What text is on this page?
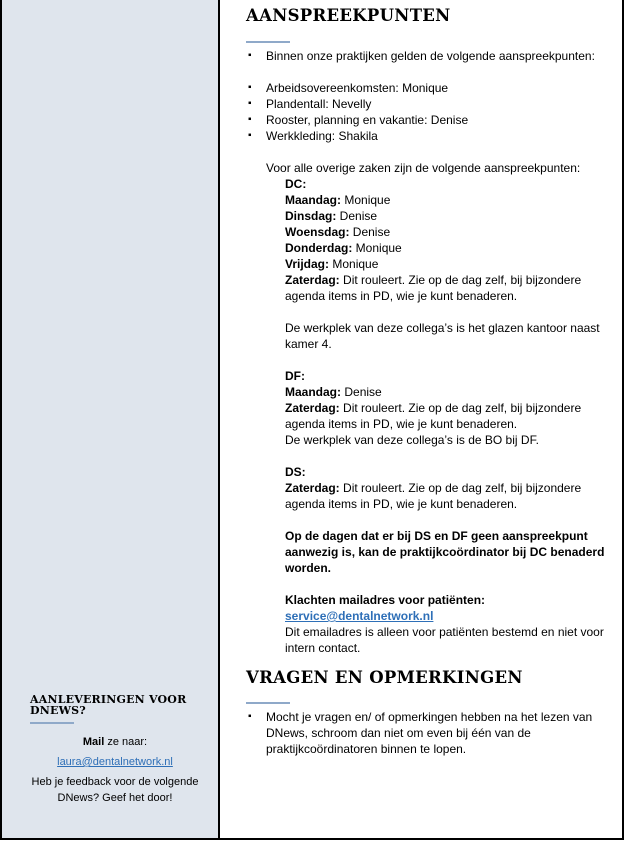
AANLEVERINGEN VOOR DNEWS?

Mail ze naar:

laura@dentalnetwork.nl

Heb je feedback voor de volgende DNews? Geef het door!

AANSPREEKPUNTEN
▪ Binnen onze praktijken gelden de volgende aanspreekpunten:
▪ Arbeidsovereenkomsten: Monique
▪ Plandentall: Nevelly
▪ Rooster, planning en vakantie: Denise
▪ Werkkleding: Shakila
Voor alle overige zaken zijn de volgende aanspreekpunten:
DC:
Maandag: Monique
Dinsdag: Denise
Woensdag: Denise
Donderdag: Monique
Vrijdag: Monique
Zaterdag: Dit rouleert. Zie op de dag zelf, bij bijzondere agenda items in PD, wie je kunt benaderen.
De werkplek van deze collega’s is het glazen kantoor naast kamer 4.
DF:
Maandag: Denise
Zaterdag: Dit rouleert. Zie op de dag zelf, bij bijzondere agenda items in PD, wie je kunt benaderen.
De werkplek van deze collega’s is de BO bij DF.
DS:
Zaterdag: Dit rouleert. Zie op de dag zelf, bij bijzondere agenda items in PD, wie je kunt benaderen.
Op de dagen dat er bij DS en DF geen aanspreekpunt aanwezig is, kan de praktijkcoördinator bij DC benaderd worden.
Klachten mailadres voor patiënten:
service@dentalnetwork.nl
Dit emailadres is alleen voor patiënten bestemd en niet voor intern contact.
VRAGEN EN OPMERKINGEN
▪ Mocht je vragen en/ of opmerkingen hebben na het lezen van DNews, schroom dan niet om even bij één van de praktijkcoördinatoren binnen te lopen.
